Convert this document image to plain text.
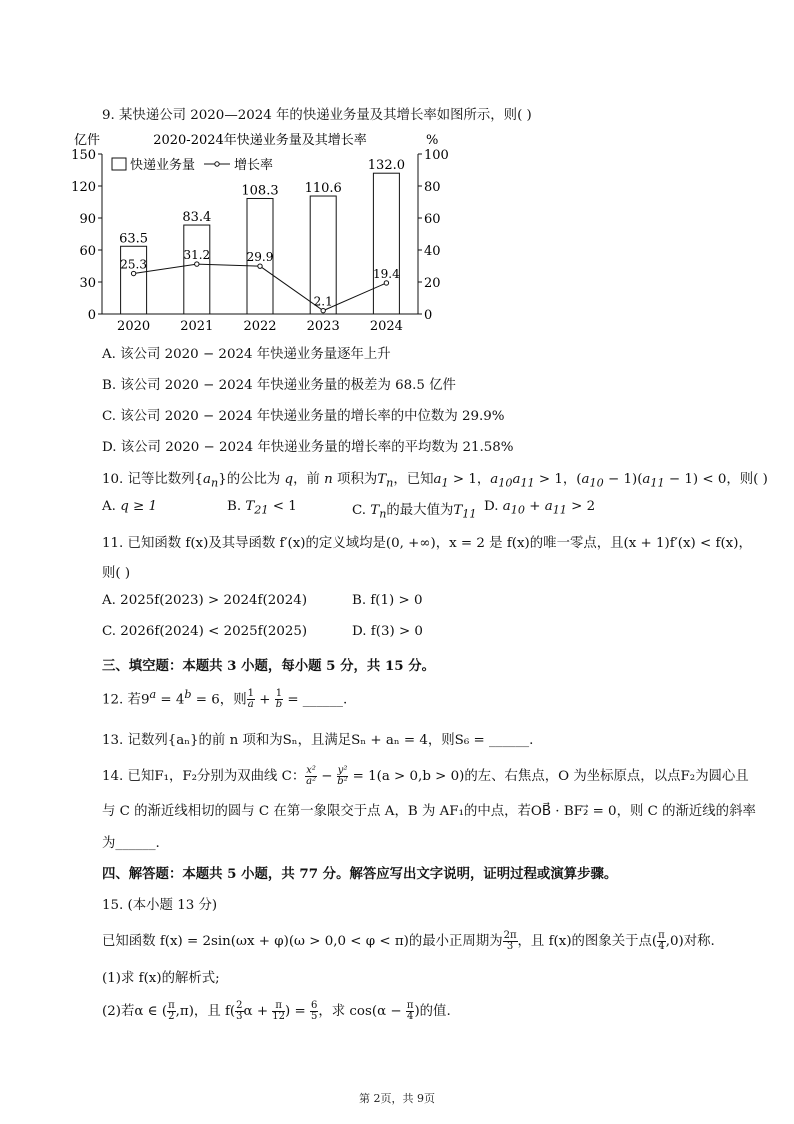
9. 某快递公司 2020—2024 年的快递业务量及其增长率如图所示，则( )
2020-2024年快递业务量及其增长率
亿件	%
0
30
60
90
120
150
0
20
40
60
80
100
63.5
83.4
108.3 110.6
132.0
25.3
31.2	29.9
2.1
19.4
2020 2021 2022 2023 2024
快递业务量	增长率
A. 该公司 2020 − 2024 年快递业务量逐年上升
B. 该公司 2020 − 2024 年快递业务量的极差为 68.5 亿件
C. 该公司 2020 − 2024 年快递业务量的增长率的中位数为 29.9%
D. 该公司 2020 − 2024 年快递业务量的增长率的平均数为 21.58%
10. 记等比数列$\{a_n\}$的公比为 q，前 n 项积为$T_n$，已知$a_1 > 1$，$a_{10}a_{11} > 1$，$(a_{10} - 1)(a_{11} - 1) < 0$，则( )
A. q ≥ 1	B. $T_{21} < 1$	C. $T_n$的最大值为$T_{11}$
D. $a_{10} + a_{11} > 2$
11. 已知函数 f(x)及其导函数 f′(x)的定义域均是(0, +∞)，x = 2 是 f(x)的唯一零点，且(x + 1)f′(x) < f(x)，
则( )
A. 2025f(2023) > 2024f(2024)	B. f(1) > 0
C. 2026f(2024) < 2025f(2025)	D. f(3) > 0
三、填空题：本题共 3 小题，每小题 5 分，共 15 分。
12. 若$9^a = 4^b = 6$，则 $\frac{1}{a} + \frac{1}{b}$ = ______.
13. 记数列{aₙ}的前 n 项和为Sₙ，且满足Sₙ + aₙ = 4，则S₆ = ______.
14. 已知F₁，F₂分别为双曲线 C： $\frac{\text{x²}}{\text{a²}} - \frac{\text{y²}}{\text{b²}} = 1(a > 0,b > 0)$的左、右焦点，O 为坐标原点，以点F₂为圆心且
与 C 的渐近线相切的圆与 C 在第一象限交于点 A，B 为 AF₁的中点，若OB⃗ · BF₂⃗ = 0，则 C 的渐近线的斜率
为______.
四、解答题：本题共 5 小题，共 77 分。解答应写出文字说明，证明过程或演算步骤。
15. (本小题 13 分)
已知函数 f(x) = 2sin(ωx + φ)(ω > 0,0 < φ < π)的最小正周期为 $\frac{2\pi}{3}$ ，且 f(x)的图象关于点( $\frac{\pi}{4} ,0$)对称.
(1)求 f(x)的解析式;
(2)若α ∈ ( $\frac{\pi}{2} ,\pi$)，且 $f( \frac{2}{3}$ $\alpha + \frac{\pi}{12}$ ) = $\frac{6}{5}$ ，求 $\cos(\alpha - \frac{\pi}{4}$ )的值.
第 2页，共 9页
